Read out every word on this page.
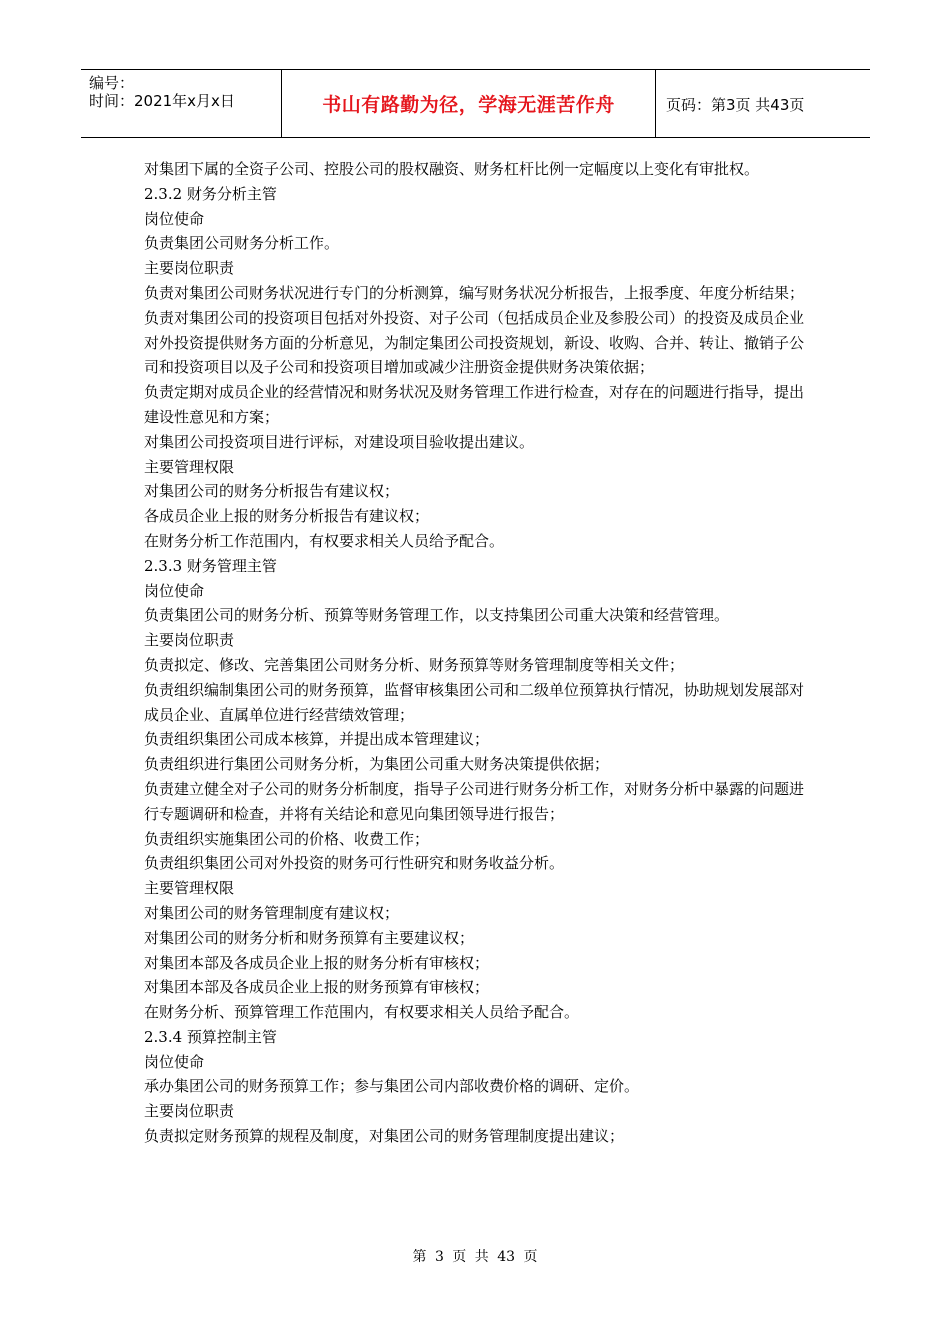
编号：
时间：2021年x月x日	书山有路勤为径，学海无涯苦作舟	页码：第3页 共43页

对集团下属的全资子公司、控股公司的股权融资、财务杠杆比例一定幅度以上变化有审批权。

2.3.2 财务分析主管

岗位使命

负责集团公司财务分析工作。

主要岗位职责

负责对集团公司财务状况进行专门的分析测算，编写财务状况分析报告，上报季度、年度分析结果；

负责对集团公司的投资项目包括对外投资、对子公司（包括成员企业及参股公司）的投资及成员企业对外投资提供财务方面的分析意见，为制定集团公司投资规划，新设、收购、合并、转让、撤销子公司和投资项目以及子公司和投资项目增加或减少注册资金提供财务决策依据；

负责定期对成员企业的经营情况和财务状况及财务管理工作进行检查，对存在的问题进行指导，提出建设性意见和方案；

对集团公司投资项目进行评标，对建设项目验收提出建议。

主要管理权限

对集团公司的财务分析报告有建议权；

各成员企业上报的财务分析报告有建议权；

在财务分析工作范围内，有权要求相关人员给予配合。

2.3.3 财务管理主管

岗位使命

负责集团公司的财务分析、预算等财务管理工作，以支持集团公司重大决策和经营管理。

主要岗位职责

负责拟定、修改、完善集团公司财务分析、财务预算等财务管理制度等相关文件；

负责组织编制集团公司的财务预算，监督审核集团公司和二级单位预算执行情况，协助规划发展部对成员企业、直属单位进行经营绩效管理；

负责组织集团公司成本核算，并提出成本管理建议；

负责组织进行集团公司财务分析，为集团公司重大财务决策提供依据；

负责建立健全对子公司的财务分析制度，指导子公司进行财务分析工作，对财务分析中暴露的问题进行专题调研和检查，并将有关结论和意见向集团领导进行报告；

负责组织实施集团公司的价格、收费工作；

负责组织集团公司对外投资的财务可行性研究和财务收益分析。

主要管理权限

对集团公司的财务管理制度有建议权；

对集团公司的财务分析和财务预算有主要建议权；

对集团本部及各成员企业上报的财务分析有审核权；

对集团本部及各成员企业上报的财务预算有审核权；

在财务分析、预算管理工作范围内，有权要求相关人员给予配合。

2.3.4 预算控制主管

岗位使命

承办集团公司的财务预算工作；参与集团公司内部收费价格的调研、定价。

主要岗位职责

负责拟定财务预算的规程及制度，对集团公司的财务管理制度提出建议；

第 3 页 共 43 页
